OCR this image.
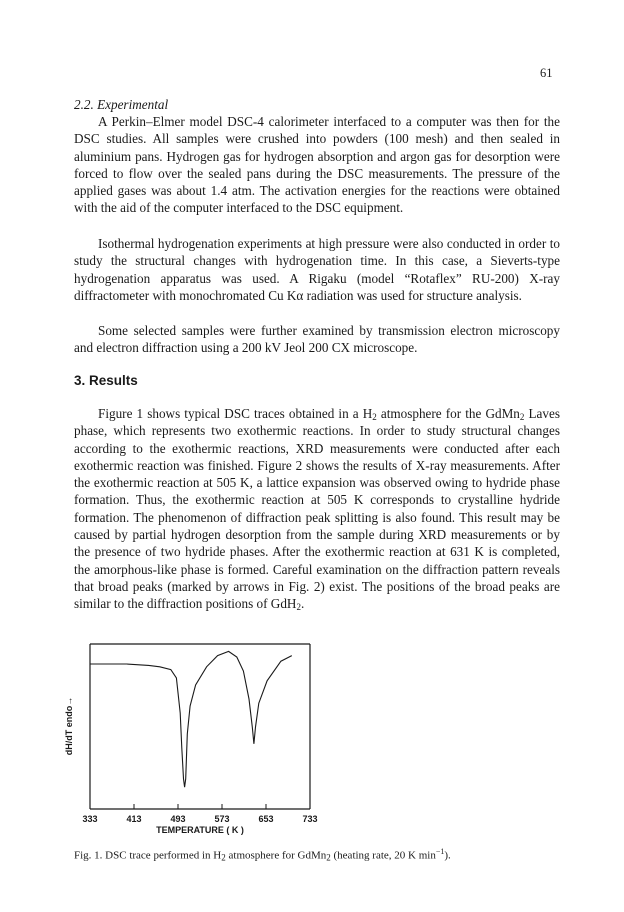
61
2.2. Experimental

A Perkin–Elmer model DSC-4 calorimeter interfaced to a computer was then for the DSC studies. All samples were crushed into powders (100 mesh) and then sealed in aluminium pans. Hydrogen gas for hydrogen absorption and argon gas for desorption were forced to flow over the sealed pans during the DSC measurements. The pressure of the applied gases was about 1.4 atm. The activation energies for the reactions were obtained with the aid of the computer interfaced to the DSC equipment.

Isothermal hydrogenation experiments at high pressure were also conducted in order to study the structural changes with hydrogenation time. In this case, a Sieverts-type hydrogenation apparatus was used. A Rigaku (model “Rotaflex” RU-200) X-ray diffractometer with monochromated Cu Kα radiation was used for structure analysis.

Some selected samples were further examined by transmission electron microscopy and electron diffraction using a 200 kV Jeol 200 CX microscope.

3. Results

Figure 1 shows typical DSC traces obtained in a $H_2$ atmosphere for the GdMn$_2$ Laves phase, which represents two exothermic reactions. In order to study structural changes according to the exothermic reactions, XRD measurements were conducted after each exothermic reaction was finished. Figure 2 shows the results of X-ray measurements. After the exothermic reaction at 505 K, a lattice expansion was observed owing to hydride phase formation. Thus, the exothermic reaction at 505 K corresponds to crystalline hydride formation. The phenomenon of diffraction peak splitting is also found. This result may be caused by partial hydrogen desorption from the sample during XRD measurements or by the presence of two hydride phases. After the exothermic reaction at 631 K is completed, the amorphous-like phase is formed. Careful examination on the diffraction pattern reveals that broad peaks (marked by arrows in Fig. 2) exist. The positions of the broad peaks are similar to the diffraction positions of GdH$_2$.

333	413	493	573	653	733
dH/dT endo→
TEMPERATURE ( K )
Fig. 1. DSC trace performed in $H_2$ atmosphere for GdMn$_2$ (heating rate, 20 K $\min^{-1}$).
